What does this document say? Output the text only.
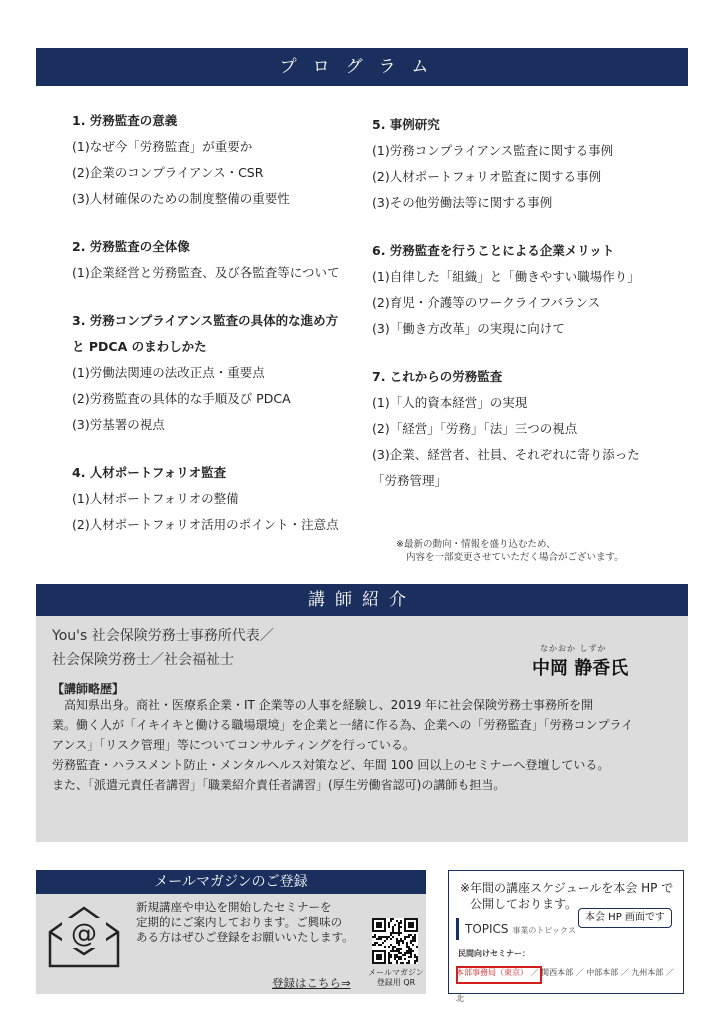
プログラム
1. 労務監査の意義
(1)なぜ今「労務監査」が重要か
(2)企業のコンプライアンス・CSR
(3)人材確保のための制度整備の重要性
2. 労務監査の全体像
(1)企業経営と労務監査、及び各監査等について
3. 労務コンプライアンス監査の具体的な進め方
と PDCA のまわしかた
(1)労働法関連の法改正点・重要点
(2)労務監査の具体的な手順及び PDCA
(3)労基署の視点
4. 人材ポートフォリオ監査
(1)人材ポートフォリオの整備
(2)人材ポートフォリオ活用のポイント・注意点
5. 事例研究
(1)労務コンプライアンス監査に関する事例
(2)人材ポートフォリオ監査に関する事例
(3)その他労働法等に関する事例
6. 労務監査を行うことによる企業メリット
(1)自律した「組織」と「働きやすい職場作り」
(2)育児・介護等のワークライフバランス
(3)「働き方改革」の実現に向けて
7. これからの労務監査
(1)「人的資本経営」の実現
(2)「経営」「労務」「法」三つの視点
(3)企業、経営者、社員、それぞれに寄り添った
「労務管理」
※最新の動向・情報を盛り込むため、
内容を一部変更させていただく場合がございます。
講師紹介
You's 社会保険労務士事務所代表／
社会保険労務士／社会福祉士
なかおか しずか
中岡 静香氏
【講師略歴】
　高知県出身。商社・医療系企業・IT 企業等の人事を経験し、2019 年に社会保険労務士事務所を開
業。働く人が「イキイキと働ける職場環境」を企業と一緒に作る為、企業への「労務監査」「労務コンプライ
アンス」「リスク管理」等についてコンサルティングを行っている。
労務監査・ハラスメント防止・メンタルヘルス対策など、年間 100 回以上のセミナーへ登壇している。
また、「派遣元責任者講習」「職業紹介責任者講習」(厚生労働省認可)の講師も担当。
メールマガジンのご登録
@
新規講座や申込を開始したセミナーを
定期的にご案内しております。ご興味の
ある方はぜひご登録をお願いいたします。
登録はこちら⇒
メールマガジン
登録用 QR
※年間の講座スケジュールを本会 HP で
公開しております。
TOPICS 事業のトピックス
本会 HP 画面です
民間向けセミナー：
本部事務局（東京） ／ 関西本部 ／ 中部本部 ／ 九州本部 ／ 北
